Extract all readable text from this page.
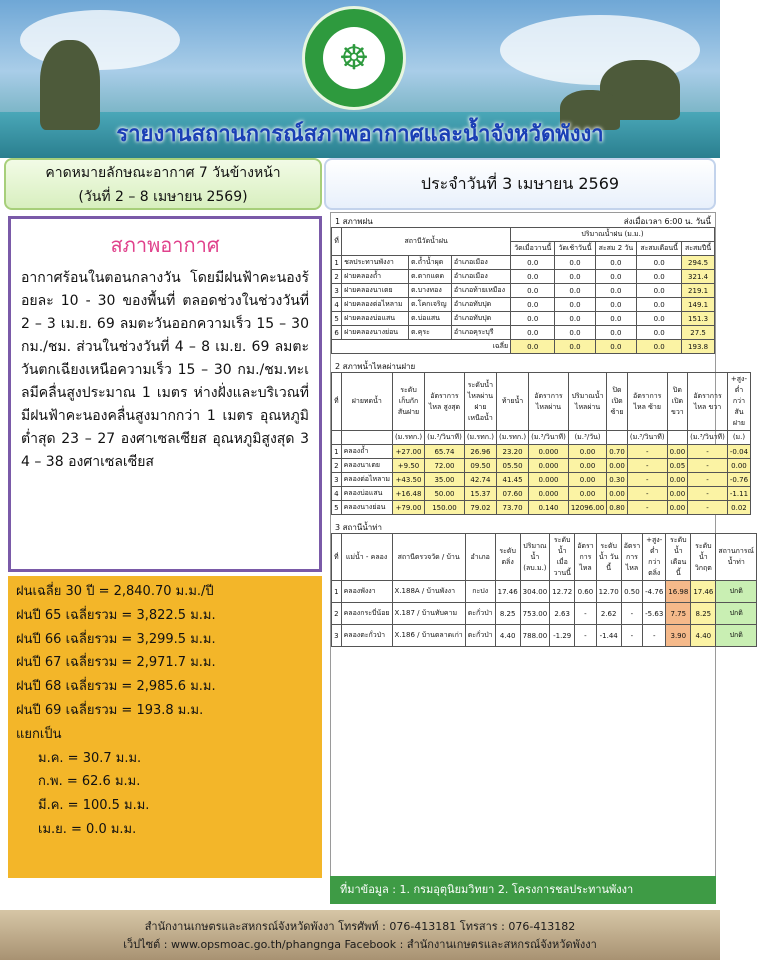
☸
รายงานสถานการณ์สภาพอากาศและน้ำจังหวัดพังงา
คาดหมายลักษณะอากาศ 7 วันข้างหน้า
(วันที่ 2 – 8 เมษายน 2569)
ประจำวันที่ 3 เมษายน 2569
สภาพอากาศ
อากาศร้อนในตอนกลางวัน โดยมีฝนฟ้าคะนองร้อยละ 10 - 30 ของพื้นที่ ตลอดช่วงในช่วงวันที่ 2 – 3 เม.ย. 69 ลมตะวันออกความเร็ว 15 – 30 กม./ชม. ส่วนในช่วงวันที่ 4 – 8 เม.ย. 69 ลมตะวันตกเฉียงเหนือความเร็ว 15 – 30 กม./ชม.ทะเลมีคลื่นสูงประมาณ 1 เมตร ห่างฝั่งและบริเวณที่มีฝนฟ้าคะนองคลื่นสูงมากกว่า 1 เมตร อุณหภูมิต่ำสุด 23 – 27 องศาเซลเซียส อุณหภูมิสูงสุด 34 – 38 องศาเซลเซียส
ฝนเฉลี่ย 30 ปี = 2,840.70 ม.ม./ปี
ฝนปี 65 เฉลี่ยรวม = 3,822.5 ม.ม.
ฝนปี 66 เฉลี่ยรวม = 3,299.5 ม.ม.
ฝนปี 67 เฉลี่ยรวม = 2,971.7 ม.ม.
ฝนปี 68 เฉลี่ยรวม = 2,985.6 ม.ม.
ฝนปี 69 เฉลี่ยรวม = 193.8 ม.ม.
แยกเป็น
ม.ค. = 30.7 ม.ม.
ก.พ. = 62.6 ม.ม.
มี.ค. = 100.5 ม.ม.
เม.ย. = 0.0 ม.ม.
1 สภาพฝน	ส่งเมื่อเวลา 6:00 น. วันนี้
ที่	สถานีวัดน้ำฝน			ปริมาณน้ำฝน (ม.ม.)				
				วัดเมื่อวานนี้	วัดเช้าวันนี้	สะสม 2 วัน	สะสมเดือนนี้	สะสมปีนี้
1	ชลประทานพังงา	ต.ถ้ำน้ำผุด	อำเภอเมือง	0.0	0.0	0.0	0.0	294.5
2	ฝายคลองถ้ำ	ต.ตากแดด	อำเภอเมือง	0.0	0.0	0.0	0.0	321.4
3	ฝายคลองนาเตย	ต.บางทอง	อำเภอท้ายเหมือง	0.0	0.0	0.0	0.0	219.1
4	ฝายคลองต่อไหลาม	ต.โคกเจริญ	อำเภอทับปุด	0.0	0.0	0.0	0.0	149.1
5	ฝายคลองบ่อแสน	ต.บ่อแสน	อำเภอทับปุด	0.0	0.0	0.0	0.0	151.3
6	ฝายคลองนางย่อน	ต.คุระ	อำเภอคุระบุรี	0.0	0.0	0.0	0.0	27.5
เฉลี่ย				0.0	0.0	0.0	0.0	193.8
2 สภาพน้ำไหลผ่านฝาย
ที่	ฝายทดน้ำ	ระดับเก็บกัก สันฝาย	อัตราการไหล สูงสุด	ระดับน้ำไหลผ่านฝาย เหนือน้ำ	ท้ายน้ำ	อัตราการไหลผ่าน	ปริมาณน้ำไหลผ่าน	ปิดเปิด ซ้าย	อัตราการไหล ซ้าย	ปิดเปิด ขวา	อัตราการไหล ขวา	+สูง-ต่ำกว่าสันฝาย
		(ม.รทก.)	(ม.³/วินาที)	(ม.รทก.)	(ม.รทก.)	(ม.³/วินาที)	(ม.³/วัน)		(ม.³/วินาที)		(ม.³/วินาที)	(ม.)
1	คลองถ้ำ	+27.00	65.74	26.96	23.20	0.000	0.00	0.70	-	0.00	-	-0.04
2	คลองนาเตย	+9.50	72.00	09.50	05.50	0.000	0.00	0.00	-	0.05	-	0.00
3	คลองต่อไหลาม	+43.50	35.00	42.74	41.45	0.000	0.00	0.30	-	0.00	-	-0.76
4	คลองบ่อแสน	+16.48	50.00	15.37	07.60	0.000	0.00	0.00	-	0.00	-	-1.11
5	คลองนางย่อน	+79.00	150.00	79.02	73.70	0.140	12096.00	0.80	-	0.00	-	0.02
3 สถานีน้ำท่า
ที่	แม่น้ำ - คลอง	สถานีตรวจวัด / บ้าน	อำเภอ	ระดับตลิ่ง	ปริมาณน้ำ (ลบ.ม.)	ระดับน้ำ เมื่อวานนี้	อัตราการไหล	ระดับน้ำ วันนี้	อัตราการไหล	+สูง-ต่ำ กว่าตลิ่ง	ระดับน้ำ เดือนนี้	ระดับน้ำ วิกฤต	สถานการณ์น้ำท่า
1	คลองพังงา	X.188A / บ้านพังงา	กะปง	17.46	304.00	12.72	0.60	12.70	0.50	-4.76	16.98	17.46	ปกติ
2	คลองกระบี่น้อย	X.187 / บ้านทับคาม	ตะกั่วป่า	8.25	753.00	2.63	-	2.62	-	-5.63	7.75	8.25	ปกติ
3	คลองตะกั่วป่า	X.186 / บ้านตลาดเก่า	ตะกั่วป่า	4.40	788.00	-1.29	-	-1.44	-	-	3.90	4.40	ปกติ
ที่มาข้อมูล : 1. กรมอุตุนิยมวิทยา 2. โครงการชลประทานพังงา
สำนักงานเกษตรและสหกรณ์จังหวัดพังงา โทรศัพท์ : 076-413181 โทรสาร : 076-413182
เว็ปไซต์ : www.opsmoac.go.th/phangnga Facebook : สำนักงานเกษตรและสหกรณ์จังหวัดพังงา
